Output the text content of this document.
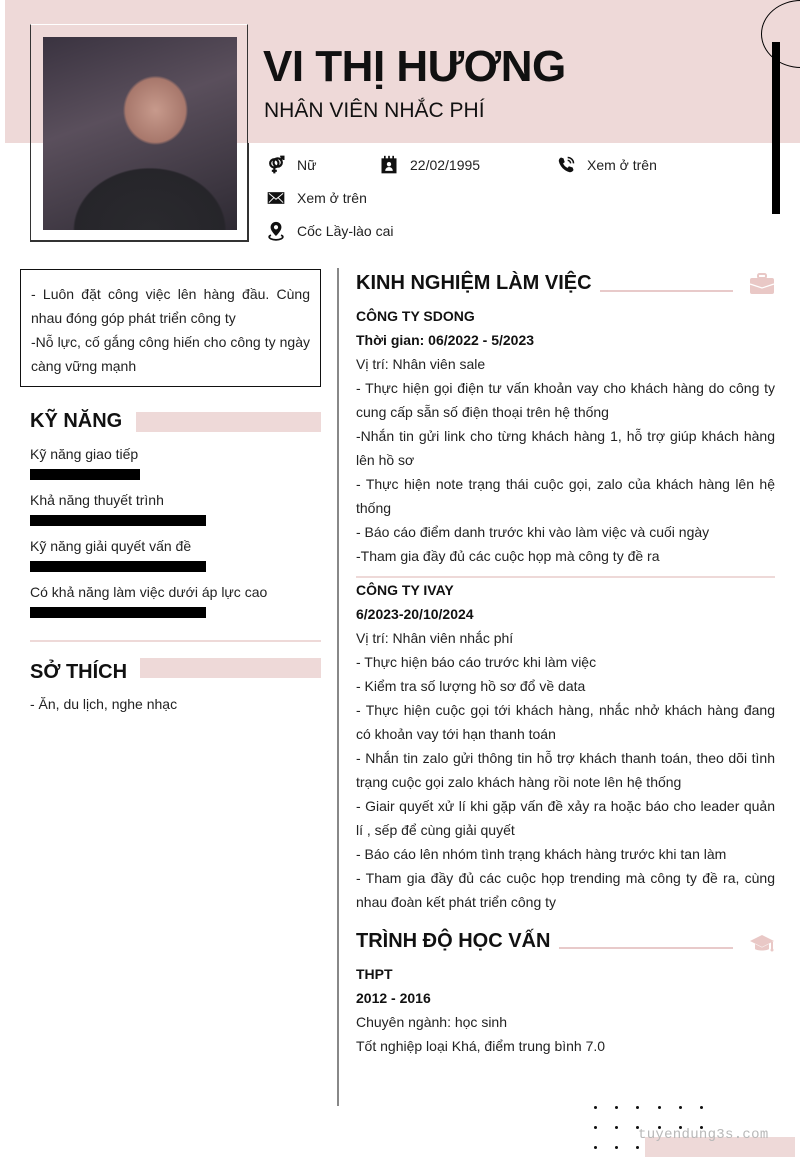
VI THỊ HƯƠNG
NHÂN VIÊN NHẮC PHÍ
Nữ	22/02/1995	Xem ở trên
Xem ở trên
Cốc Lầy-lào cai
- Luôn đặt công việc lên hàng đầu. Cùng nhau đóng góp phát triển công ty
-Nỗ lực, cố gắng công hiến cho công ty ngày càng vững mạnh
KỸ NĂNG
Kỹ năng giao tiếp
Khả năng thuyết trình
Kỹ năng giải quyết vấn đề
Có khả năng làm việc dưới áp lực cao
SỞ THÍCH
- Ăn, du lịch, nghe nhạc
KINH NGHIỆM LÀM VIỆC
CÔNG TY SDONG
Thời gian: 06/2022 - 5/2023
Vị trí: Nhân viên sale
- Thực hiện gọi điện tư vấn khoản vay cho khách hàng do công ty cung cấp sẵn số điện thoại trên hệ thống
-Nhắn tin gửi link cho từng khách hàng 1, hỗ trợ giúp khách hàng lên hồ sơ
- Thực hiện note trạng thái cuộc gọi, zalo của khách hàng lên hệ thống
- Báo cáo điểm danh trước khi vào làm việc và cuối ngày
-Tham gia đầy đủ các cuộc họp mà công ty đề ra
CÔNG TY IVAY
6/2023-20/10/2024
Vị trí: Nhân viên nhắc phí
- Thực hiện báo cáo trước khi làm việc
- Kiểm tra số lượng hồ sơ đổ về data
- Thực hiện cuộc gọi tới khách hàng, nhắc nhở khách hàng đang có khoản vay tới hạn thanh toán
- Nhắn tin zalo gửi thông tin hỗ trợ khách thanh toán, theo dõi tình trạng cuộc gọi zalo khách hàng rồi note lên hệ thống
- Giair quyết xử lí khi gặp vấn đề xảy ra hoặc báo cho leader quản lí , sếp để cùng giải quyết
- Báo cáo lên nhóm tình trạng khách hàng trước khi tan làm
- Tham gia đầy đủ các cuộc họp trending mà công ty đề ra, cùng nhau đoàn kết phát triển công ty
TRÌNH ĐỘ HỌC VẤN
THPT
2012 - 2016
Chuyên ngành: học sinh
Tốt nghiệp loại Khá, điểm trung bình 7.0
tuyendung3s.com
